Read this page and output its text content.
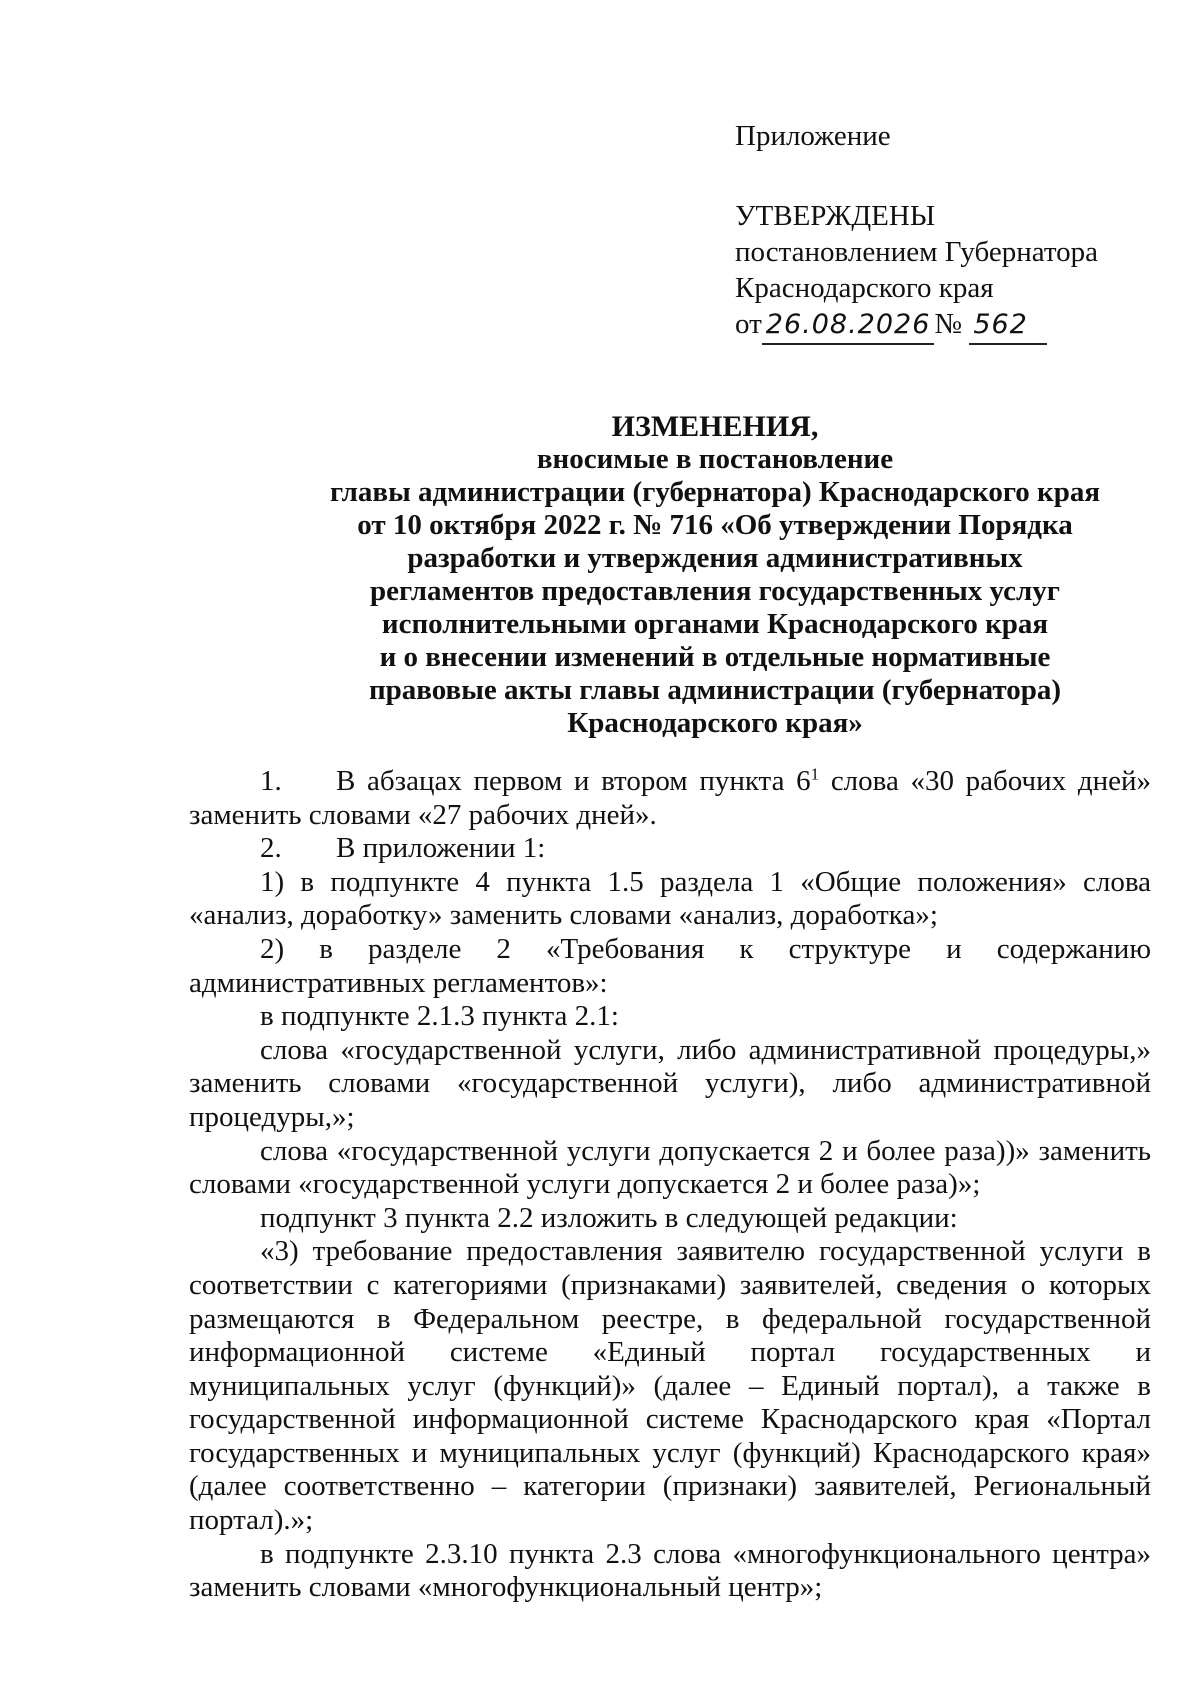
Приложение
УТВЕРЖДЕНЫ
постановлением Губернатора
Краснодарского края
от 26.08.2026 № 562
ИЗМЕНЕНИЯ,
вносимые в постановление
главы администрации (губернатора) Краснодарского края
от 10 октября 2022 г. № 716 «Об утверждении Порядка
разработки и утверждения административных
регламентов предоставления государственных услуг
исполнительными органами Краснодарского края
и о внесении изменений в отдельные нормативные
правовые акты главы администрации (губернатора)
Краснодарского края»

1. В абзацах первом и втором пункта $6^1$ слова «30 рабочих дней» заменить словами «27 рабочих дней».

2. В приложении 1:

1) в подпункте 4 пункта 1.5 раздела 1 «Общие положения» слова «анализ, доработку» заменить словами «анализ, доработка»;

2) в разделе 2 «Требования к структуре и содержанию административных регламентов»:

в подпункте 2.1.3 пункта 2.1:

слова «государственной услуги, либо административной процедуры,» заменить словами «государственной услуги), либо административной процедуры,»;

слова «государственной услуги допускается 2 и более раза))» заменить словами «государственной услуги допускается 2 и более раза)»;

подпункт 3 пункта 2.2 изложить в следующей редакции:

«3) требование предоставления заявителю государственной услуги в соответствии с категориями (признаками) заявителей, сведения о которых размещаются в Федеральном реестре, в федеральной государственной информационной системе «Единый портал государственных и муниципальных услуг (функций)» (далее – Единый портал), а также в государственной информационной системе Краснодарского края «Портал государственных и муниципальных услуг (функций) Краснодарского края» (далее соответственно – категории (признаки) заявителей, Региональный портал).»;

в подпункте 2.3.10 пункта 2.3 слова «многофункционального центра» заменить словами «многофункциональный центр»;
